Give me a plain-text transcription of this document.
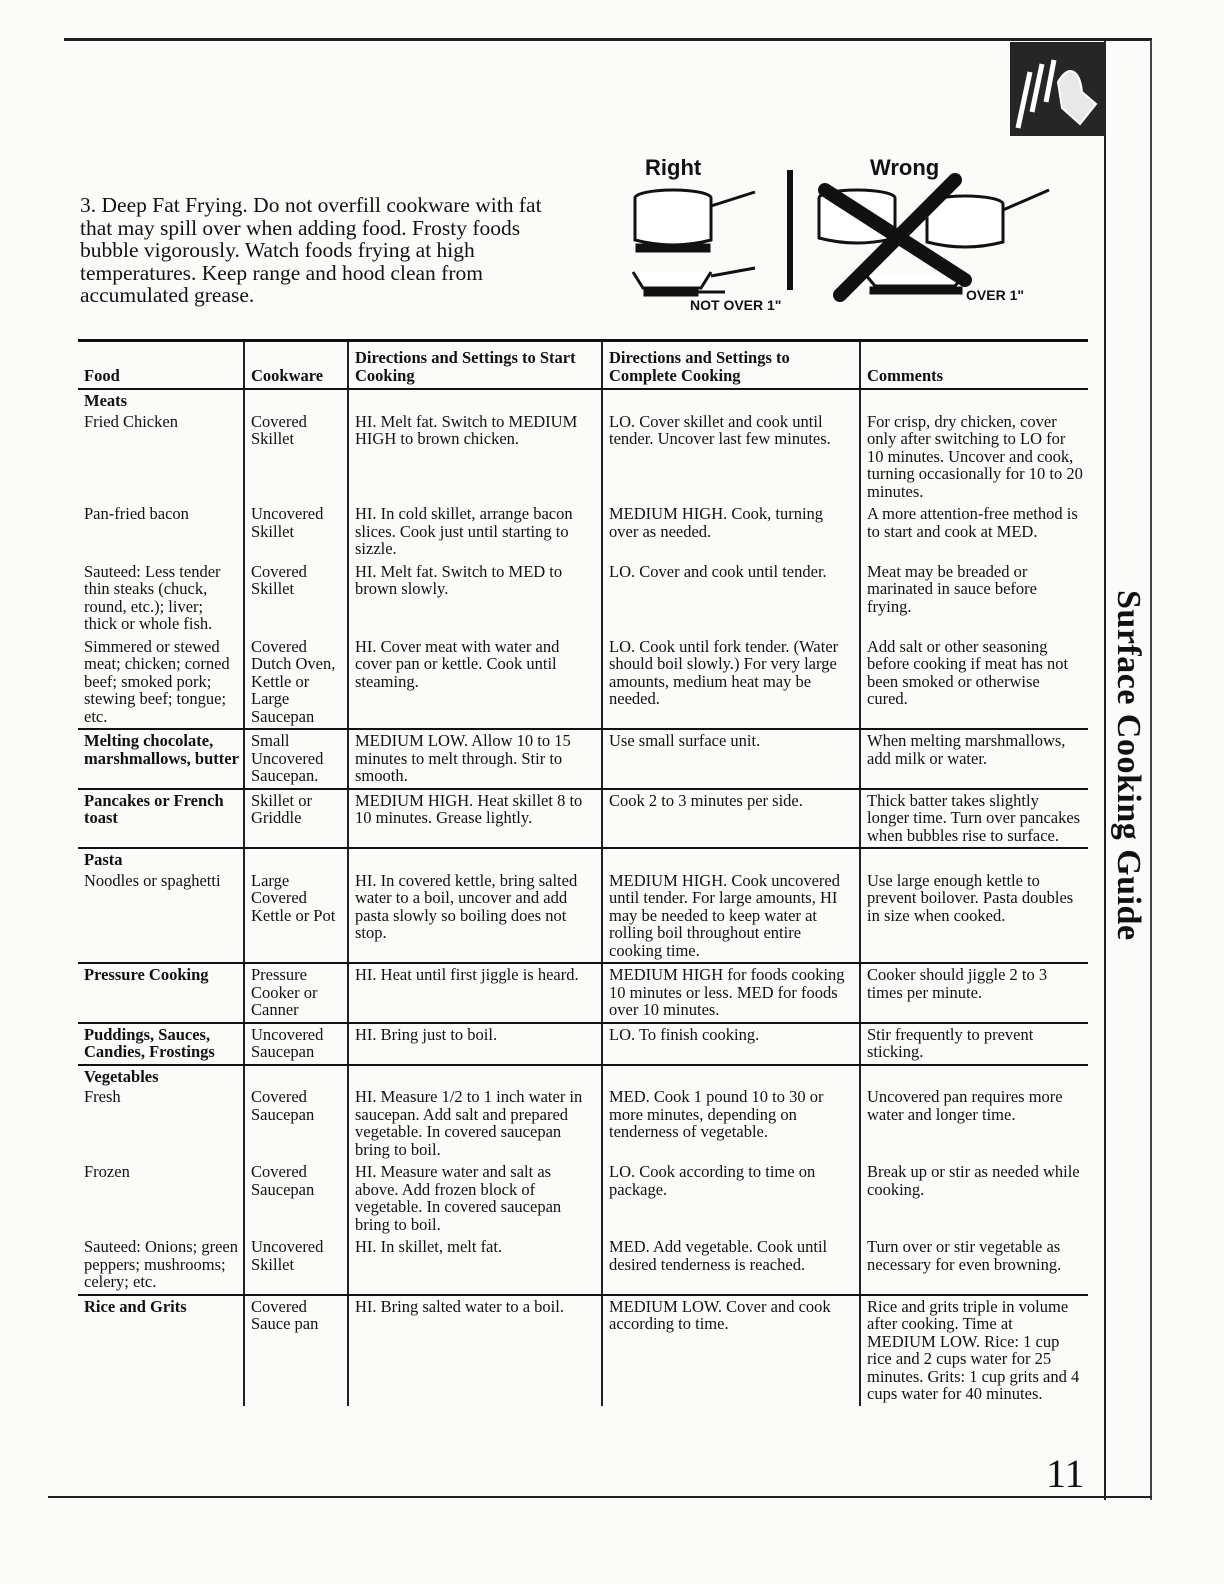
Surface Cooking Guide
11
3. Deep Fat Frying. Do not overfill cookware with fat that may spill over when adding food. Frosty foods bubble vigorously. Watch foods frying at high temperatures. Keep range and hood clean from accumulated grease.
Right	Wrong
NOT OVER 1"
OVER 1"
Food	Cookware	Directions and Settings to Start Cooking	Directions and Settings to Complete Cooking	Comments
Meats				
Fried Chicken	Covered Skillet	HI. Melt fat. Switch to MEDIUM HIGH to brown chicken.	LO. Cover skillet and cook until tender. Uncover last few minutes.	For crisp, dry chicken, cover only after switching to LO for 10 minutes. Uncover and cook, turning occasionally for 10 to 20 minutes.
Pan-fried bacon	Uncovered Skillet	HI. In cold skillet, arrange bacon slices. Cook just until starting to sizzle.	MEDIUM HIGH. Cook, turning over as needed.	A more attention-free method is to start and cook at MED.
Sauteed: Less tender thin steaks (chuck, round, etc.); liver; thick or whole fish.	Covered Skillet	HI. Melt fat. Switch to MED to brown slowly.	LO. Cover and cook until tender.	Meat may be breaded or marinated in sauce before frying.
Simmered or stewed meat; chicken; corned beef; smoked pork; stewing beef; tongue; etc.	Covered Dutch Oven, Kettle or Large Saucepan	HI. Cover meat with water and cover pan or kettle. Cook until steaming.	LO. Cook until fork tender. (Water should boil slowly.) For very large amounts, medium heat may be needed.	Add salt or other seasoning before cooking if meat has not been smoked or otherwise cured.
Melting chocolate, marshmallows, butter	Small Uncovered Saucepan.	MEDIUM LOW. Allow 10 to 15 minutes to melt through. Stir to smooth.	Use small surface unit.	When melting marshmallows, add milk or water.
Pancakes or French toast	Skillet or Griddle	MEDIUM HIGH. Heat skillet 8 to 10 minutes. Grease lightly.	Cook 2 to 3 minutes per side.	Thick batter takes slightly longer time. Turn over pancakes when bubbles rise to surface.
Pasta				
Noodles or spaghetti	Large Covered Kettle or Pot	HI. In covered kettle, bring salted water to a boil, uncover and add pasta slowly so boiling does not stop.	MEDIUM HIGH. Cook uncovered until tender. For large amounts, HI may be needed to keep water at rolling boil throughout entire cooking time.	Use large enough kettle to prevent boilover. Pasta doubles in size when cooked.
Pressure Cooking	Pressure Cooker or Canner	HI. Heat until first jiggle is heard.	MEDIUM HIGH for foods cooking 10 minutes or less. MED for foods over 10 minutes.	Cooker should jiggle 2 to 3 times per minute.
Puddings, Sauces, Candies, Frostings	Uncovered Saucepan	HI. Bring just to boil.	LO. To finish cooking.	Stir frequently to prevent sticking.
Vegetables				
Fresh	Covered Saucepan	HI. Measure 1/2 to 1 inch water in saucepan. Add salt and prepared vegetable. In covered saucepan bring to boil.	MED. Cook 1 pound 10 to 30 or more minutes, depending on tenderness of vegetable.	Uncovered pan requires more water and longer time.
Frozen	Covered Saucepan	HI. Measure water and salt as above. Add frozen block of vegetable. In covered saucepan bring to boil.	LO. Cook according to time on package.	Break up or stir as needed while cooking.
Sauteed: Onions; green peppers; mushrooms; celery; etc.	Uncovered Skillet	HI. In skillet, melt fat.	MED. Add vegetable. Cook until desired tenderness is reached.	Turn over or stir vegetable as necessary for even browning.
Rice and Grits	Covered Sauce pan	HI. Bring salted water to a boil.	MEDIUM LOW. Cover and cook according to time.	Rice and grits triple in volume after cooking. Time at MEDIUM LOW. Rice: 1 cup rice and 2 cups water for 25 minutes. Grits: 1 cup grits and 4 cups water for 40 minutes.
